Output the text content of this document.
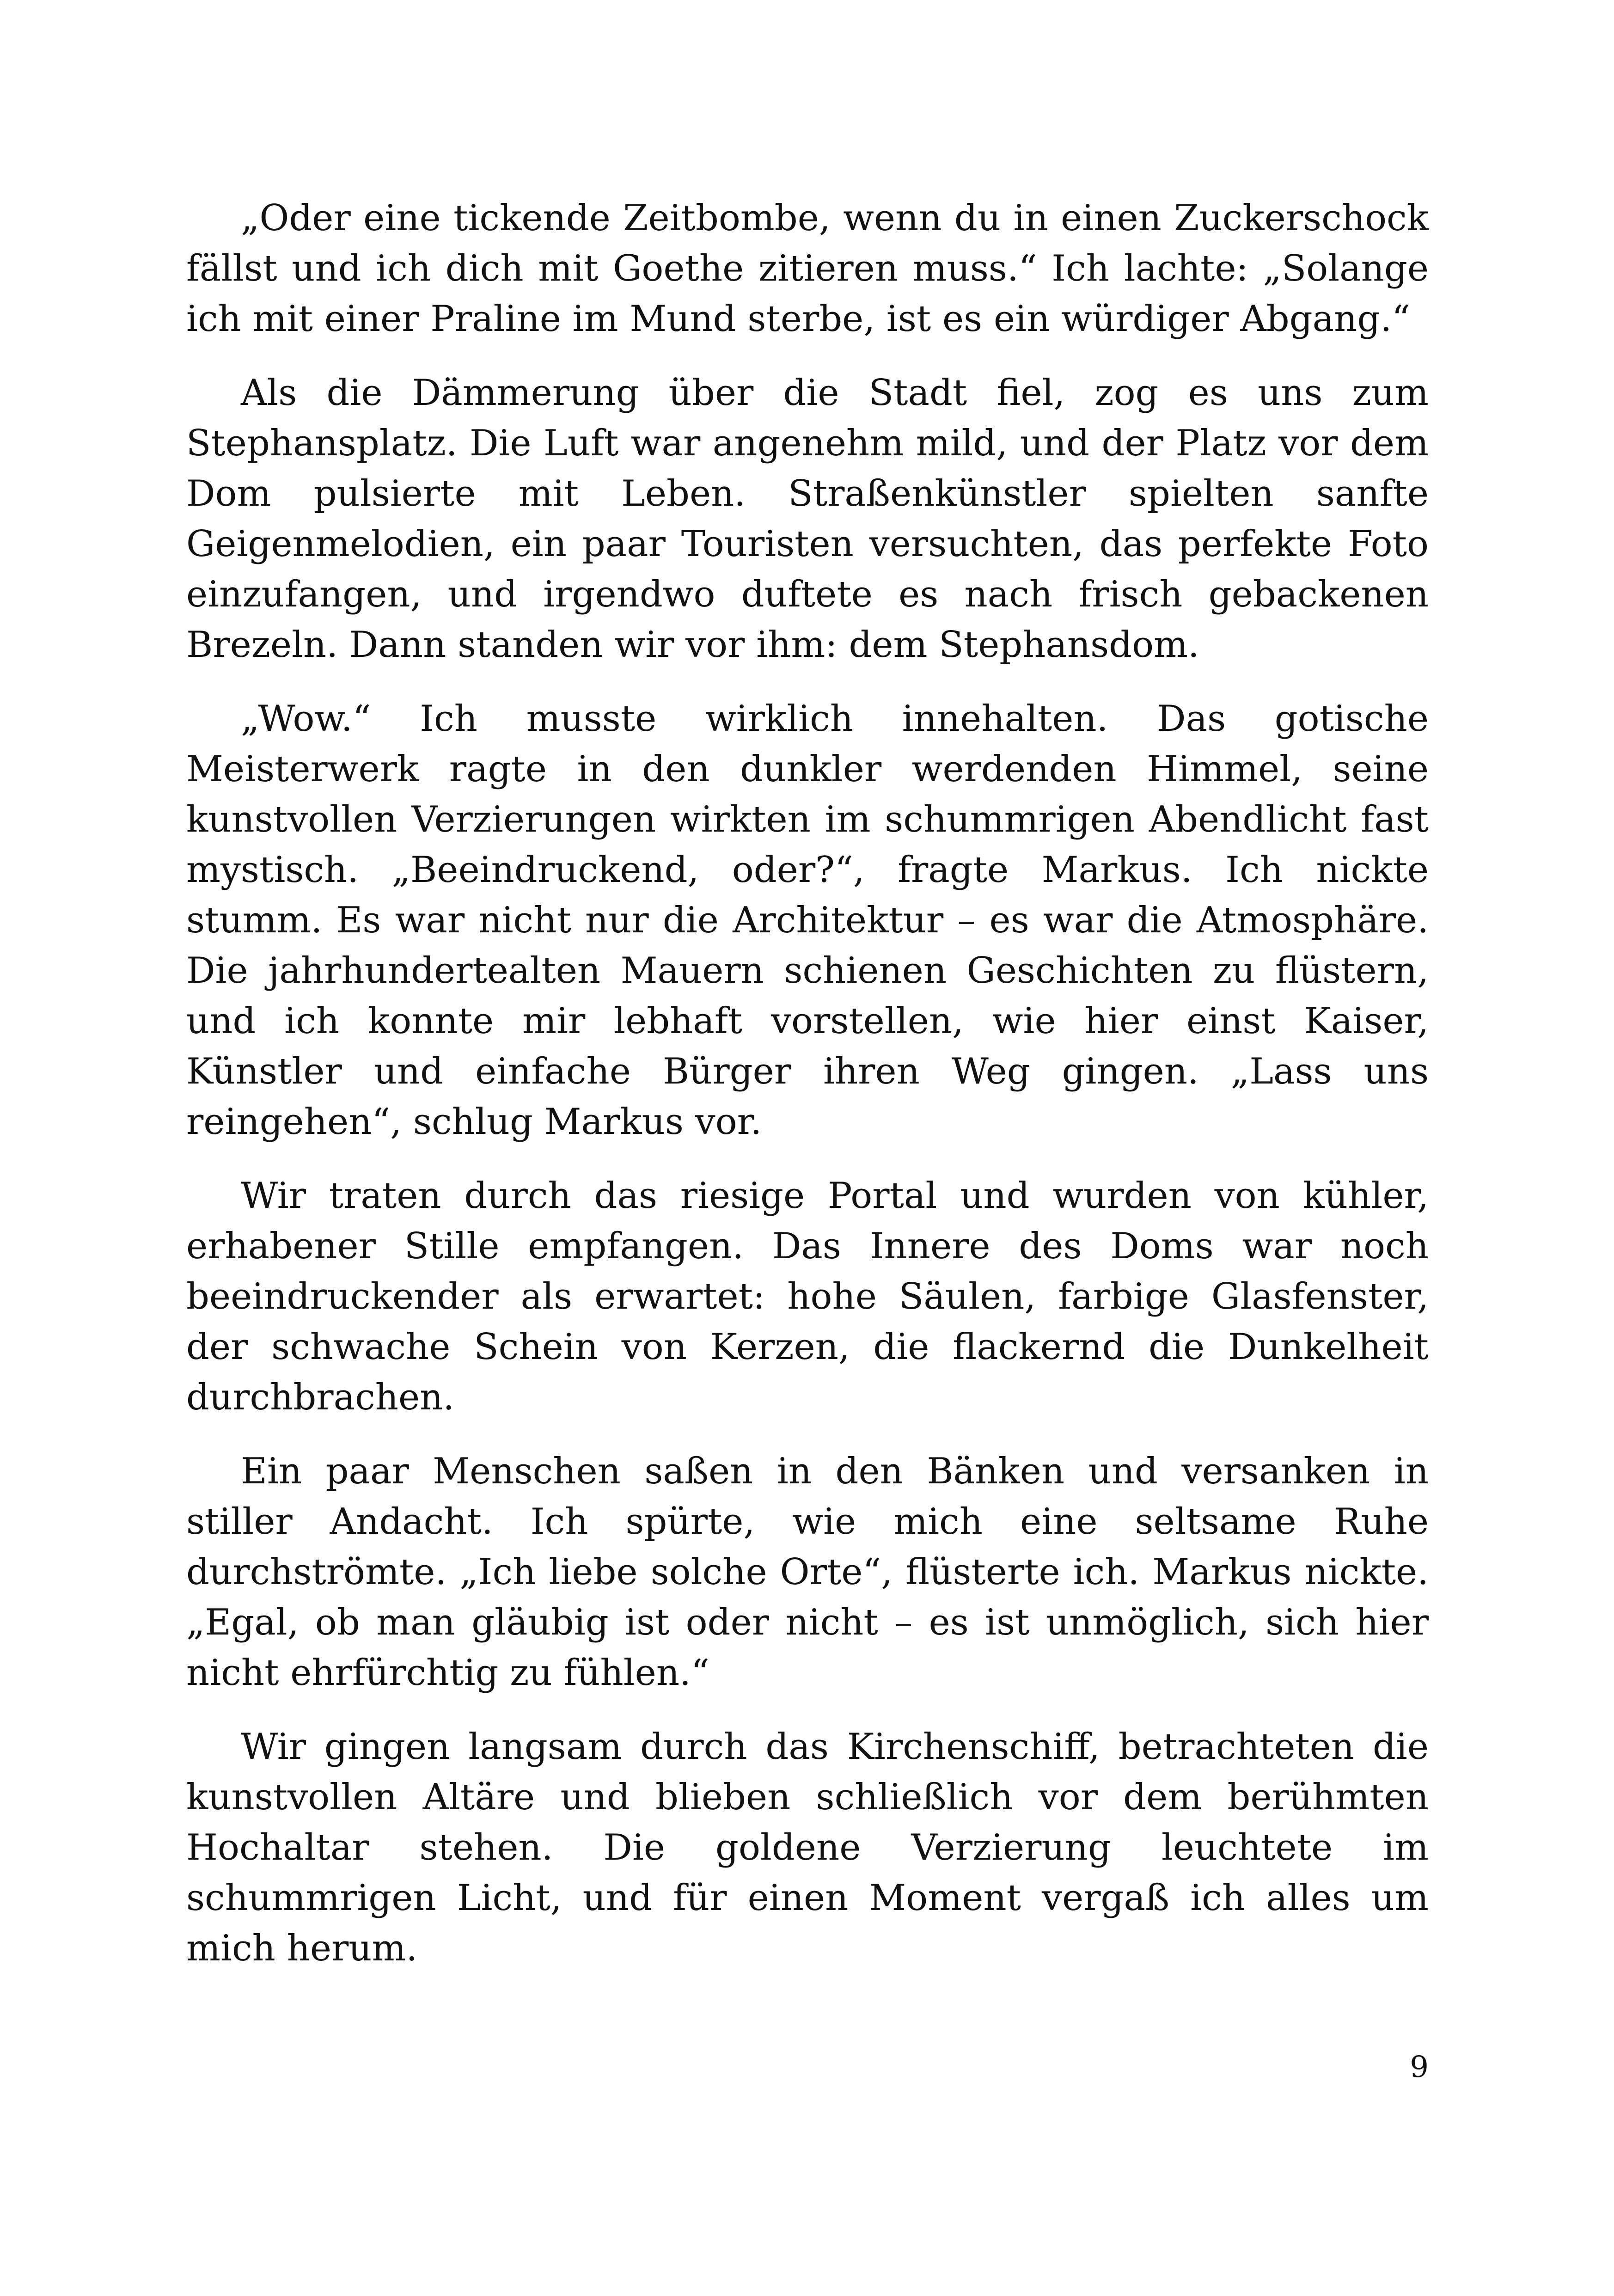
„Oder eine tickende Zeitbombe, wenn du in einen Zuckerschock fällst und ich dich mit Goethe zitieren muss.“ Ich lachte: „Solange ich mit einer Praline im Mund sterbe, ist es ein würdiger Abgang.“

Als die Dämmerung über die Stadt fiel, zog es uns zum Stephansplatz. Die Luft war angenehm mild, und der Platz vor dem Dom pulsierte mit Leben. Straßenkünstler spielten sanfte Geigenmelodien, ein paar Touristen versuchten, das perfekte Foto einzufangen, und irgendwo duftete es nach frisch gebackenen Brezeln. Dann standen wir vor ihm: dem Stephansdom.

„Wow.“ Ich musste wirklich innehalten. Das gotische Meisterwerk ragte in den dunkler werdenden Himmel, seine kunstvollen Verzierungen wirkten im schummrigen Abendlicht fast mystisch. „Beeindruckend, oder?“, fragte Markus. Ich nickte stumm. Es war nicht nur die Architektur – es war die Atmosphäre. Die jahrhundertealten Mauern schienen Geschichten zu flüstern, und ich konnte mir lebhaft vorstellen, wie hier einst Kaiser, Künstler und einfache Bürger ihren Weg gingen. „Lass uns reingehen“, schlug Markus vor.

Wir traten durch das riesige Portal und wurden von kühler, erhabener Stille empfangen. Das Innere des Doms war noch beeindruckender als erwartet: hohe Säulen, farbige Glasfenster, der schwache Schein von Kerzen, die flackernd die Dunkelheit durchbrachen.

Ein paar Menschen saßen in den Bänken und versanken in stiller Andacht. Ich spürte, wie mich eine seltsame Ruhe durchströmte. „Ich liebe solche Orte“, flüsterte ich. Markus nickte. „Egal, ob man gläubig ist oder nicht – es ist unmöglich, sich hier nicht ehrfürchtig zu fühlen.“

Wir gingen langsam durch das Kirchenschiff, betrachteten die kunstvollen Altäre und blieben schließlich vor dem berühmten Hochaltar stehen. Die goldene Verzierung leuchtete im schummrigen Licht, und für einen Moment vergaß ich alles um mich herum.

9
